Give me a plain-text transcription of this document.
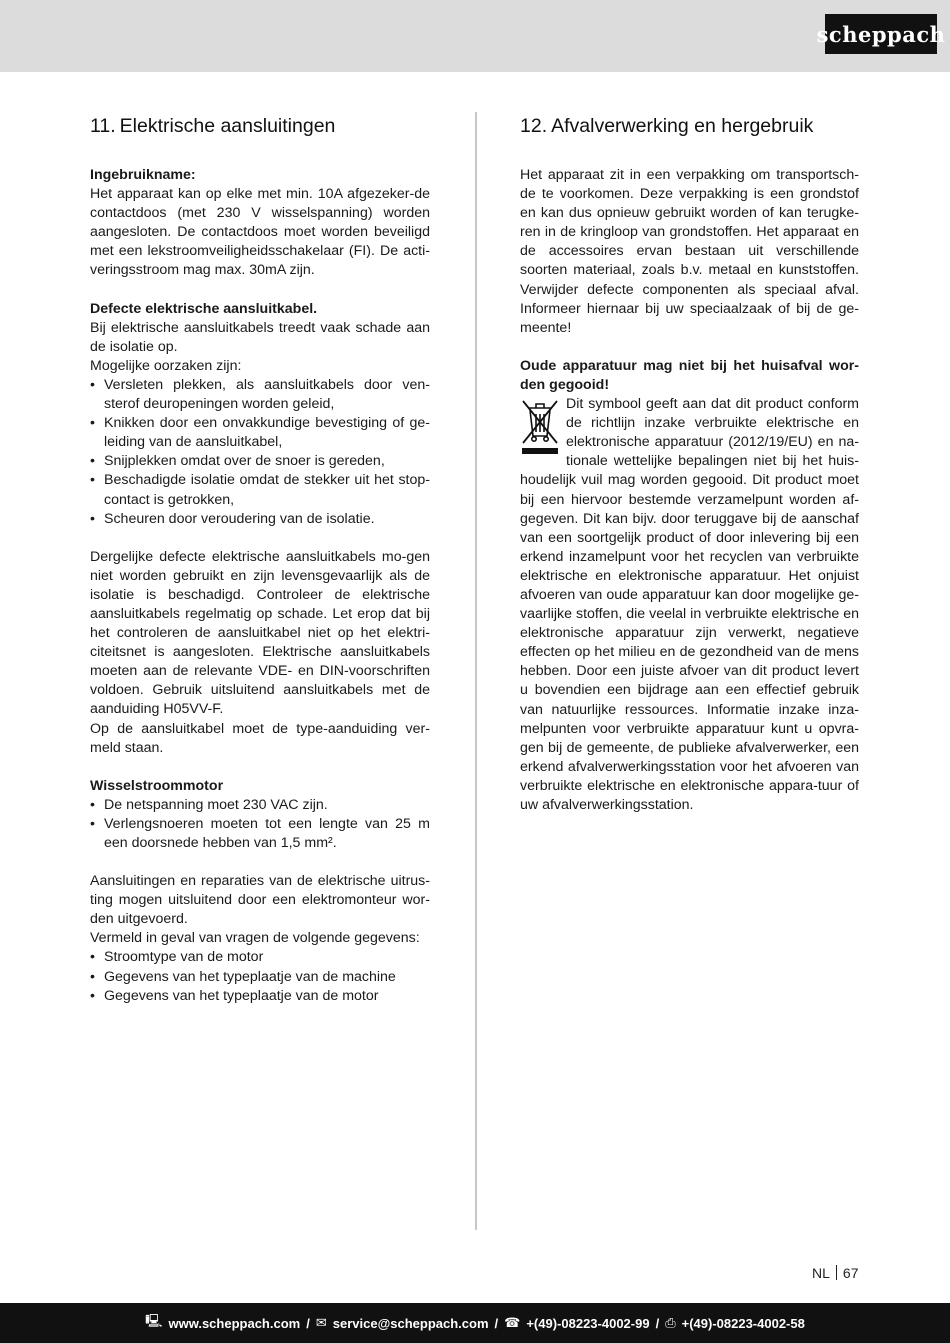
scheppach
11. Elektrische aansluitingen

Ingebruikname:

Het apparaat kan op elke met min. 10A afgezeker-de contactdoos (met 230 V wisselspanning) worden aangesloten. De contactdoos moet worden beveiligd met een lekstroomveiligheidsschakelaar (FI). De acti-veringsstroom mag max. 30mA zijn.

Defecte elektrische aansluitkabel.

Bij elektrische aansluitkabels treedt vaak schade aan de isolatie op.

Mogelijke oorzaken zijn:

• Versleten plekken, als aansluitkabels door ven-sterof deuropeningen worden geleid,
• Knikken door een onvakkundige bevestiging of ge-leiding van de aansluitkabel,
• Snijplekken omdat over de snoer is gereden,
• Beschadigde isolatie omdat de stekker uit het stop-contact is getrokken,
• Scheuren door veroudering van de isolatie.

Dergelijke defecte elektrische aansluitkabels mo-gen niet worden gebruikt en zijn levensgevaarlijk als de isolatie is beschadigd. Controleer de elektrische aansluitkabels regelmatig op schade. Let erop dat bij het controleren de aansluitkabel niet op het elektri-citeitsnet is aangesloten. Elektrische aansluitkabels moeten aan de relevante VDE- en DIN-voorschriften voldoen. Gebruik uitsluitend aansluitkabels met de aanduiding H05VV-F.

Op de aansluitkabel moet de type-aanduiding ver-meld staan.

Wisselstroommotor

• De netspanning moet 230 VAC zijn.
• Verlengsnoeren moeten tot een lengte van 25 m een doorsnede hebben van 1,5 mm².

Aansluitingen en reparaties van de elektrische uitrus-ting mogen uitsluitend door een elektromonteur wor-den uitgevoerd.

Vermeld in geval van vragen de volgende gegevens:

• Stroomtype van de motor
• Gegevens van het typeplaatje van de machine
• Gegevens van het typeplaatje van de motor
12. Afvalverwerking en hergebruik

Het apparaat zit in een verpakking om transportsch-de te voorkomen. Deze verpakking is een grondstof en kan dus opnieuw gebruikt worden of kan terugke-ren in de kringloop van grondstoffen. Het apparaat en de accessoires ervan bestaan uit verschillende soorten materiaal, zoals b.v. metaal en kunststoffen. Verwijder defecte componenten als speciaal afval. Informeer hiernaar bij uw speciaalzaak of bij de ge-meente!

Oude apparatuur mag niet bij het huisafval wor-den gegooid!

Dit symbool geeft aan dat dit product conform de richtlijn inzake verbruikte elektrische en elektronische apparatuur (2012/19/EU) en na-tionale wettelijke bepalingen niet bij het huis-houdelijk vuil mag worden gegooid. Dit product moet bij een hiervoor bestemde verzamelpunt worden af-gegeven. Dit kan bijv. door teruggave bij de aanschaf van een soortgelijk product of door inlevering bij een erkend inzamelpunt voor het recyclen van verbruikte elektrische en elektronische apparatuur. Het onjuist afvoeren van oude apparatuur kan door mogelijke ge-vaarlijke stoffen, die veelal in verbruikte elektrische en elektronische apparatuur zijn verwerkt, negatieve effecten op het milieu en de gezondheid van de mens hebben. Door een juiste afvoer van dit product levert u bovendien een bijdrage aan een effectief gebruik van natuurlijke ressources. Informatie inzake inza-melpunten voor verbruikte apparatuur kunt u opvra-gen bij de gemeente, de publieke afvalverwerker, een erkend afvalverwerkingsstation voor het afvoeren van verbruikte elektrische en elektronische appara-tuur of uw afvalverwerkingsstation.

NL 67
🖳 www.scheppach.com / ✉ service@scheppach.com / ☎ +(49)-08223-4002-99 / ⎙ +(49)-08223-4002-58
